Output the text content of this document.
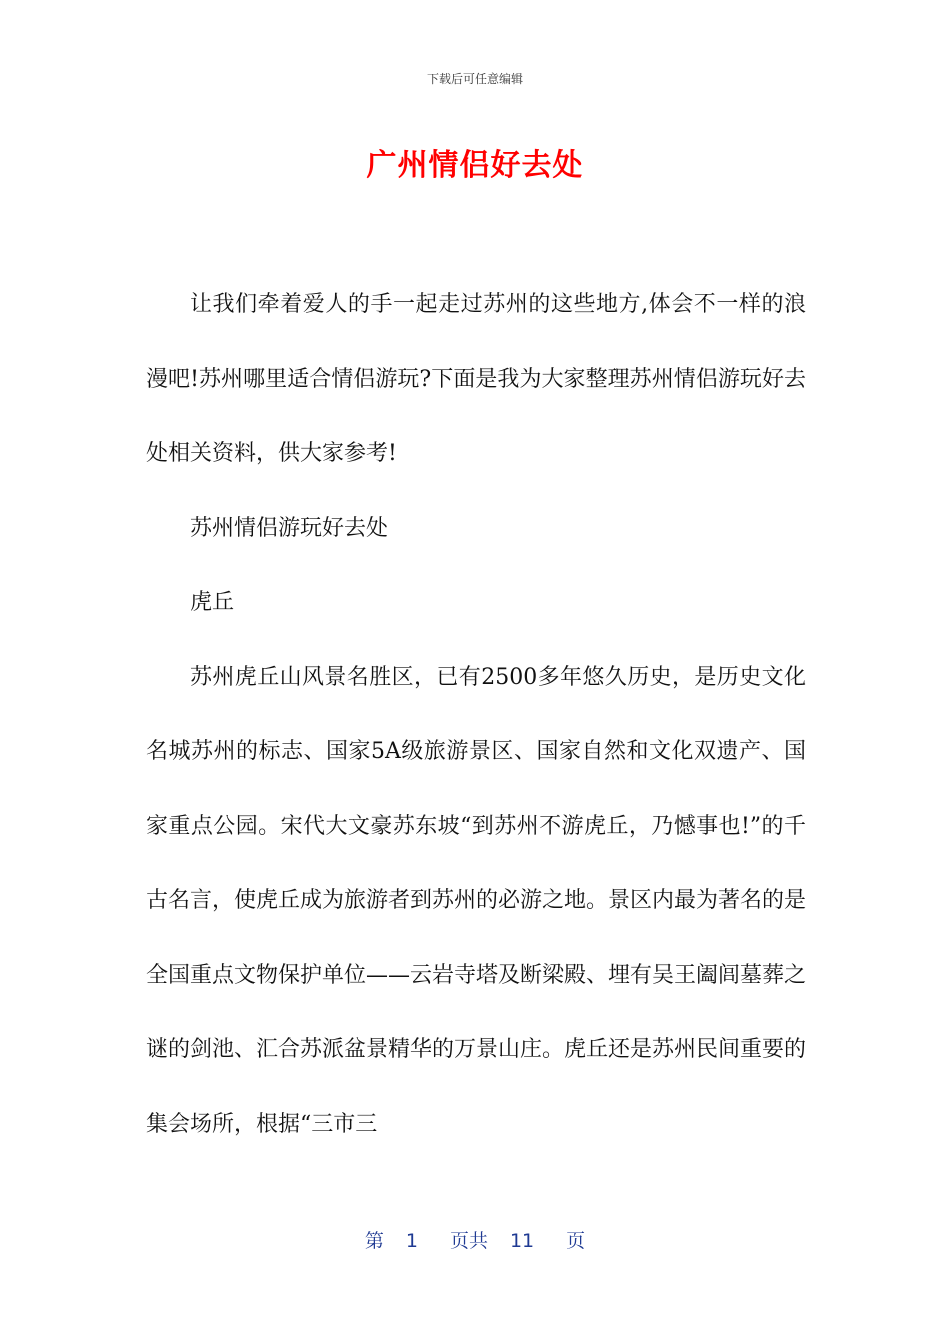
下载后可任意编辑
广州情侣好去处

让我们牵着爱人的手一起走过苏州的这些地方,体会不一样的浪漫吧!苏州哪里适合情侣游玩?下面是我为大家整理苏州情侣游玩好去处相关资料，供大家参考!

苏州情侣游玩好去处

虎丘

苏州虎丘山风景名胜区，已有2500多年悠久历史，是历史文化名城苏州的标志、国家5A级旅游景区、国家自然和文化双遗产、国家重点公园。宋代大文豪苏东坡“到苏州不游虎丘，乃憾事也!”的千古名言，使虎丘成为旅游者到苏州的必游之地。景区内最为著名的是全国重点文物保护单位——云岩寺塔及断梁殿、埋有吴王阖闾墓葬之谜的剑池、汇合苏派盆景精华的万景山庄。虎丘还是苏州民间重要的集会场所，根据“三市三

第 1 页共 11 页
